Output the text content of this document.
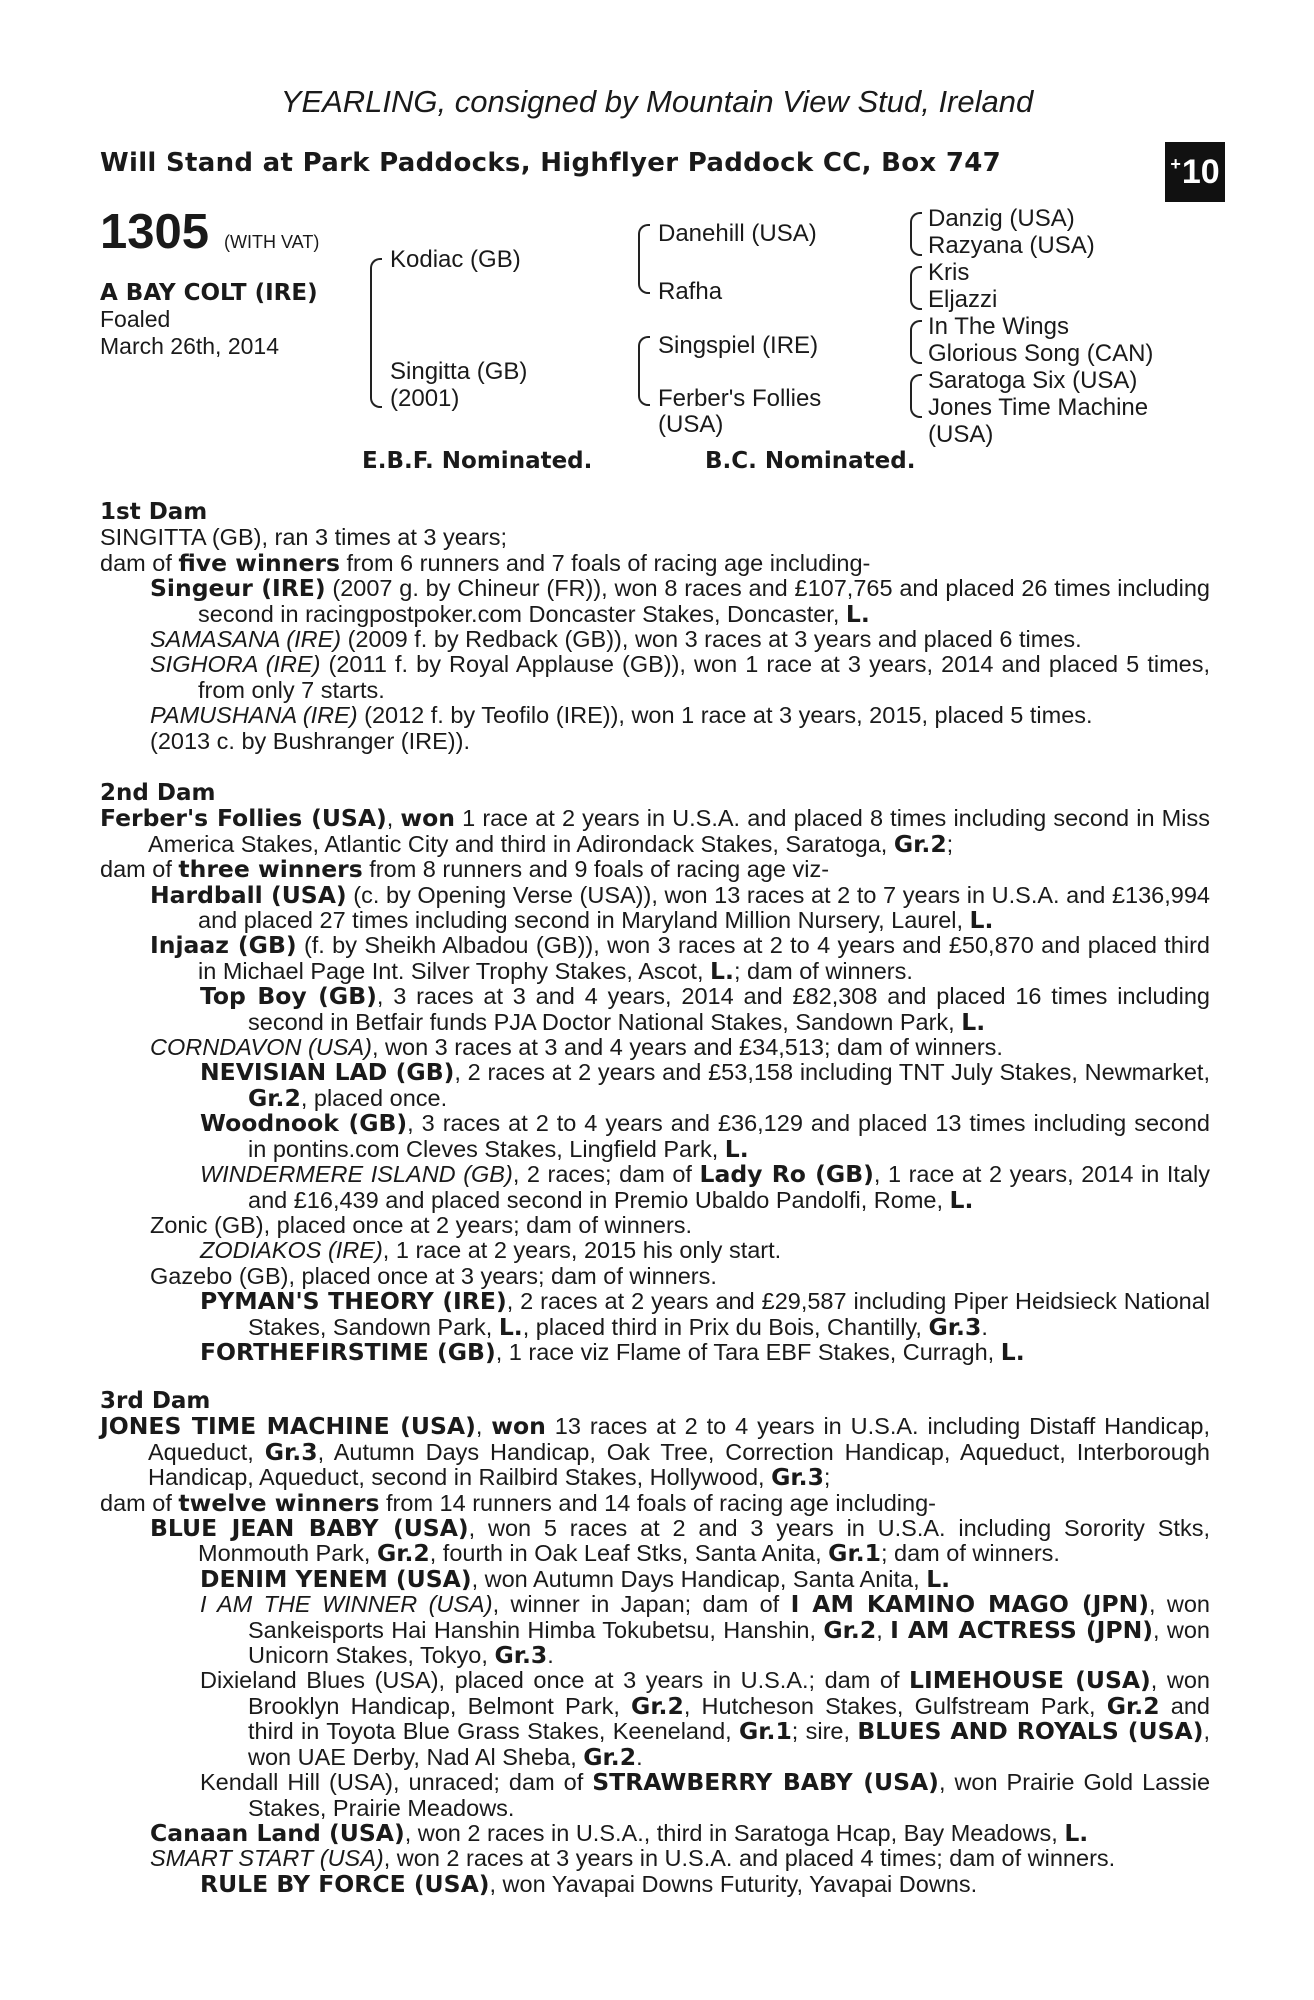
YEARLING, consigned by Mountain View Stud, Ireland
Will Stand at Park Paddocks, Highflyer Paddock CC, Box 747	+ 10
1305 (WITH VAT)
A BAY COLT (IRE)
Foaled
March 26th, 2014
Kodiac (GB)
Singitta (GB)
(2001)
Danehill (USA)
Rafha
Singspiel (IRE)
Ferber's Follies
(USA)
Danzig (USA)
Razyana (USA)
Kris
Eljazzi
In The Wings
Glorious Song (CAN)
Saratoga Six (USA)
Jones Time Machine
(USA)
E.B.F. Nominated.	B.C. Nominated.
1st Dam
SINGITTA (GB), ran 3 times at 3 years;
dam of five winners from 6 runners and 7 foals of racing age including-
Singeur (IRE) (2007 g. by Chineur (FR)), won 8 races and £107,765 and placed 26 times including second in racingpostpoker.com Doncaster Stakes, Doncaster, L.
SAMASANA (IRE) (2009 f. by Redback (GB)), won 3 races at 3 years and placed 6 times.
SIGHORA (IRE) (2011 f. by Royal Applause (GB)), won 1 race at 3 years, 2014 and placed 5 times, from only 7 starts.
PAMUSHANA (IRE) (2012 f. by Teofilo (IRE)), won 1 race at 3 years, 2015, placed 5 times.
(2013 c. by Bushranger (IRE)).
2nd Dam
Ferber's Follies (USA), won 1 race at 2 years in U.S.A. and placed 8 times including second in Miss America Stakes, Atlantic City and third in Adirondack Stakes, Saratoga, Gr.2;
dam of three winners from 8 runners and 9 foals of racing age viz-
Hardball (USA) (c. by Opening Verse (USA)), won 13 races at 2 to 7 years in U.S.A. and £136,994 and placed 27 times including second in Maryland Million Nursery, Laurel, L.
Injaaz (GB) (f. by Sheikh Albadou (GB)), won 3 races at 2 to 4 years and £50,870 and placed third in Michael Page Int. Silver Trophy Stakes, Ascot, L.; dam of winners.
Top Boy (GB), 3 races at 3 and 4 years, 2014 and £82,308 and placed 16 times including second in Betfair funds PJA Doctor National Stakes, Sandown Park, L.
CORNDAVON (USA), won 3 races at 3 and 4 years and £34,513; dam of winners.
NEVISIAN LAD (GB), 2 races at 2 years and £53,158 including TNT July Stakes, Newmarket, Gr.2, placed once.
Woodnook (GB), 3 races at 2 to 4 years and £36,129 and placed 13 times including second in pontins.com Cleves Stakes, Lingfield Park, L.
WINDERMERE ISLAND (GB), 2 races; dam of Lady Ro (GB), 1 race at 2 years, 2014 in Italy and £16,439 and placed second in Premio Ubaldo Pandolfi, Rome, L.
Zonic (GB), placed once at 2 years; dam of winners.
ZODIAKOS (IRE), 1 race at 2 years, 2015 his only start.
Gazebo (GB), placed once at 3 years; dam of winners.
PYMAN'S THEORY (IRE), 2 races at 2 years and £29,587 including Piper Heidsieck National Stakes, Sandown Park, L., placed third in Prix du Bois, Chantilly, Gr.3.
FORTHEFIRSTIME (GB), 1 race viz Flame of Tara EBF Stakes, Curragh, L.
3rd Dam
JONES TIME MACHINE (USA), won 13 races at 2 to 4 years in U.S.A. including Distaff Handicap, Aqueduct, Gr.3, Autumn Days Handicap, Oak Tree, Correction Handicap, Aqueduct, Interborough Handicap, Aqueduct, second in Railbird Stakes, Hollywood, Gr.3;
dam of twelve winners from 14 runners and 14 foals of racing age including-
BLUE JEAN BABY (USA), won 5 races at 2 and 3 years in U.S.A. including Sorority Stks, Monmouth Park, Gr.2, fourth in Oak Leaf Stks, Santa Anita, Gr.1; dam of winners.
DENIM YENEM (USA), won Autumn Days Handicap, Santa Anita, L.
I AM THE WINNER (USA), winner in Japan; dam of I AM KAMINO MAGO (JPN), won Sankeisports Hai Hanshin Himba Tokubetsu, Hanshin, Gr.2, I AM ACTRESS (JPN), won Unicorn Stakes, Tokyo, Gr.3.
Dixieland Blues (USA), placed once at 3 years in U.S.A.; dam of LIMEHOUSE (USA), won Brooklyn Handicap, Belmont Park, Gr.2, Hutcheson Stakes, Gulfstream Park, Gr.2 and third in Toyota Blue Grass Stakes, Keeneland, Gr.1; sire, BLUES AND ROYALS (USA), won UAE Derby, Nad Al Sheba, Gr.2.
Kendall Hill (USA), unraced; dam of STRAWBERRY BABY (USA), won Prairie Gold Lassie Stakes, Prairie Meadows.
Canaan Land (USA), won 2 races in U.S.A., third in Saratoga Hcap, Bay Meadows, L.
SMART START (USA), won 2 races at 3 years in U.S.A. and placed 4 times; dam of winners.
RULE BY FORCE (USA), won Yavapai Downs Futurity, Yavapai Downs.
